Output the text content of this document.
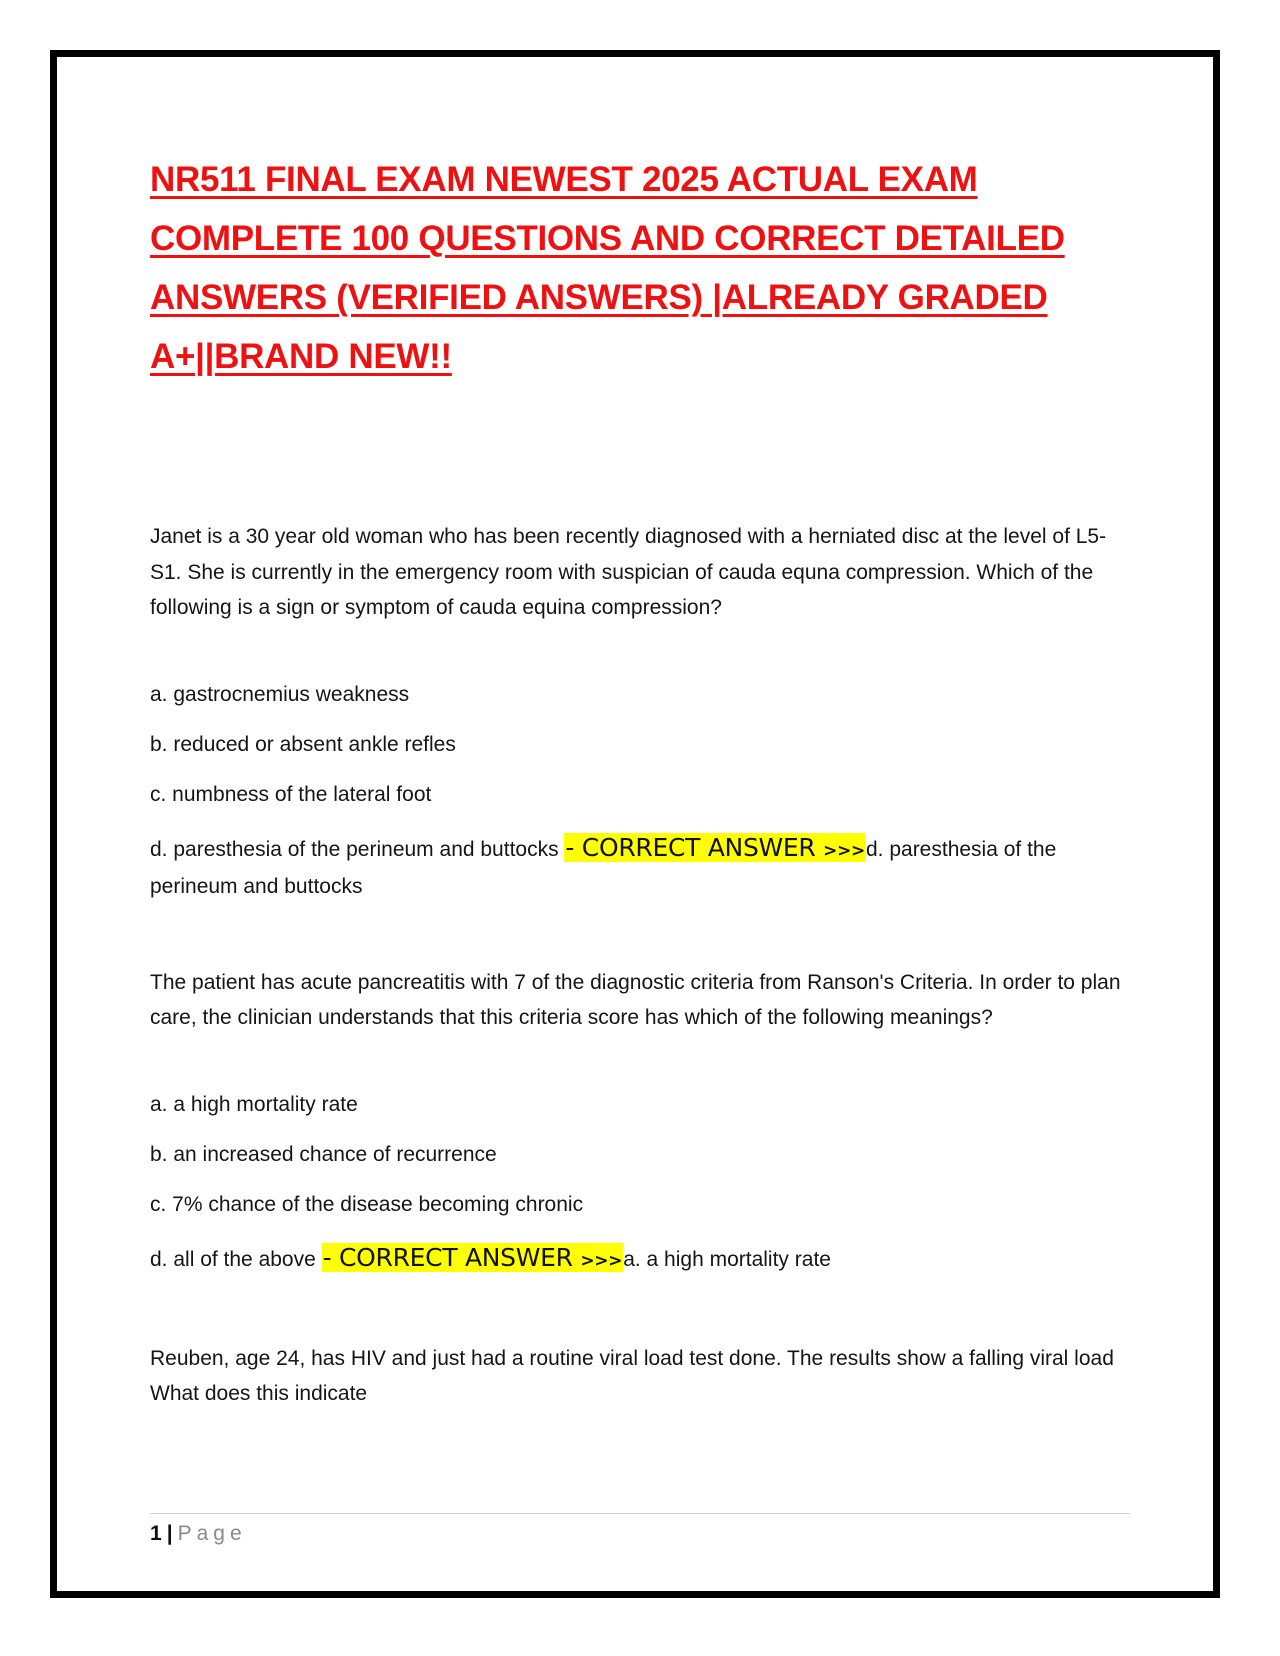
NR511 FINAL EXAM NEWEST 2025 ACTUAL EXAM
COMPLETE 100 QUESTIONS AND CORRECT DETAILED
ANSWERS (VERIFIED ANSWERS) |ALREADY GRADED
A+||BRAND NEW!!

Janet is a 30 year old woman who has been recently diagnosed with a herniated disc at the level of L5-S1. She is currently in the emergency room with suspician of cauda equna compression. Which of the following is a sign or symptom of cauda equina compression?

a. gastrocnemius weakness

b. reduced or absent ankle refles

c. numbness of the lateral foot

d. paresthesia of the perineum and buttocks - CORRECT ANSWER >>>d. paresthesia of the perineum and buttocks

The patient has acute pancreatitis with 7 of the diagnostic criteria from Ranson's Criteria. In order to plan care, the clinician understands that this criteria score has which of the following meanings?

a. a high mortality rate

b. an increased chance of recurrence

c. 7% chance of the disease becoming chronic

d. all of the above - CORRECT ANSWER >>>a. a high mortality rate

Reuben, age 24, has HIV and just had a routine viral load test done. The results show a falling viral load What does this indicate

1 | Page
